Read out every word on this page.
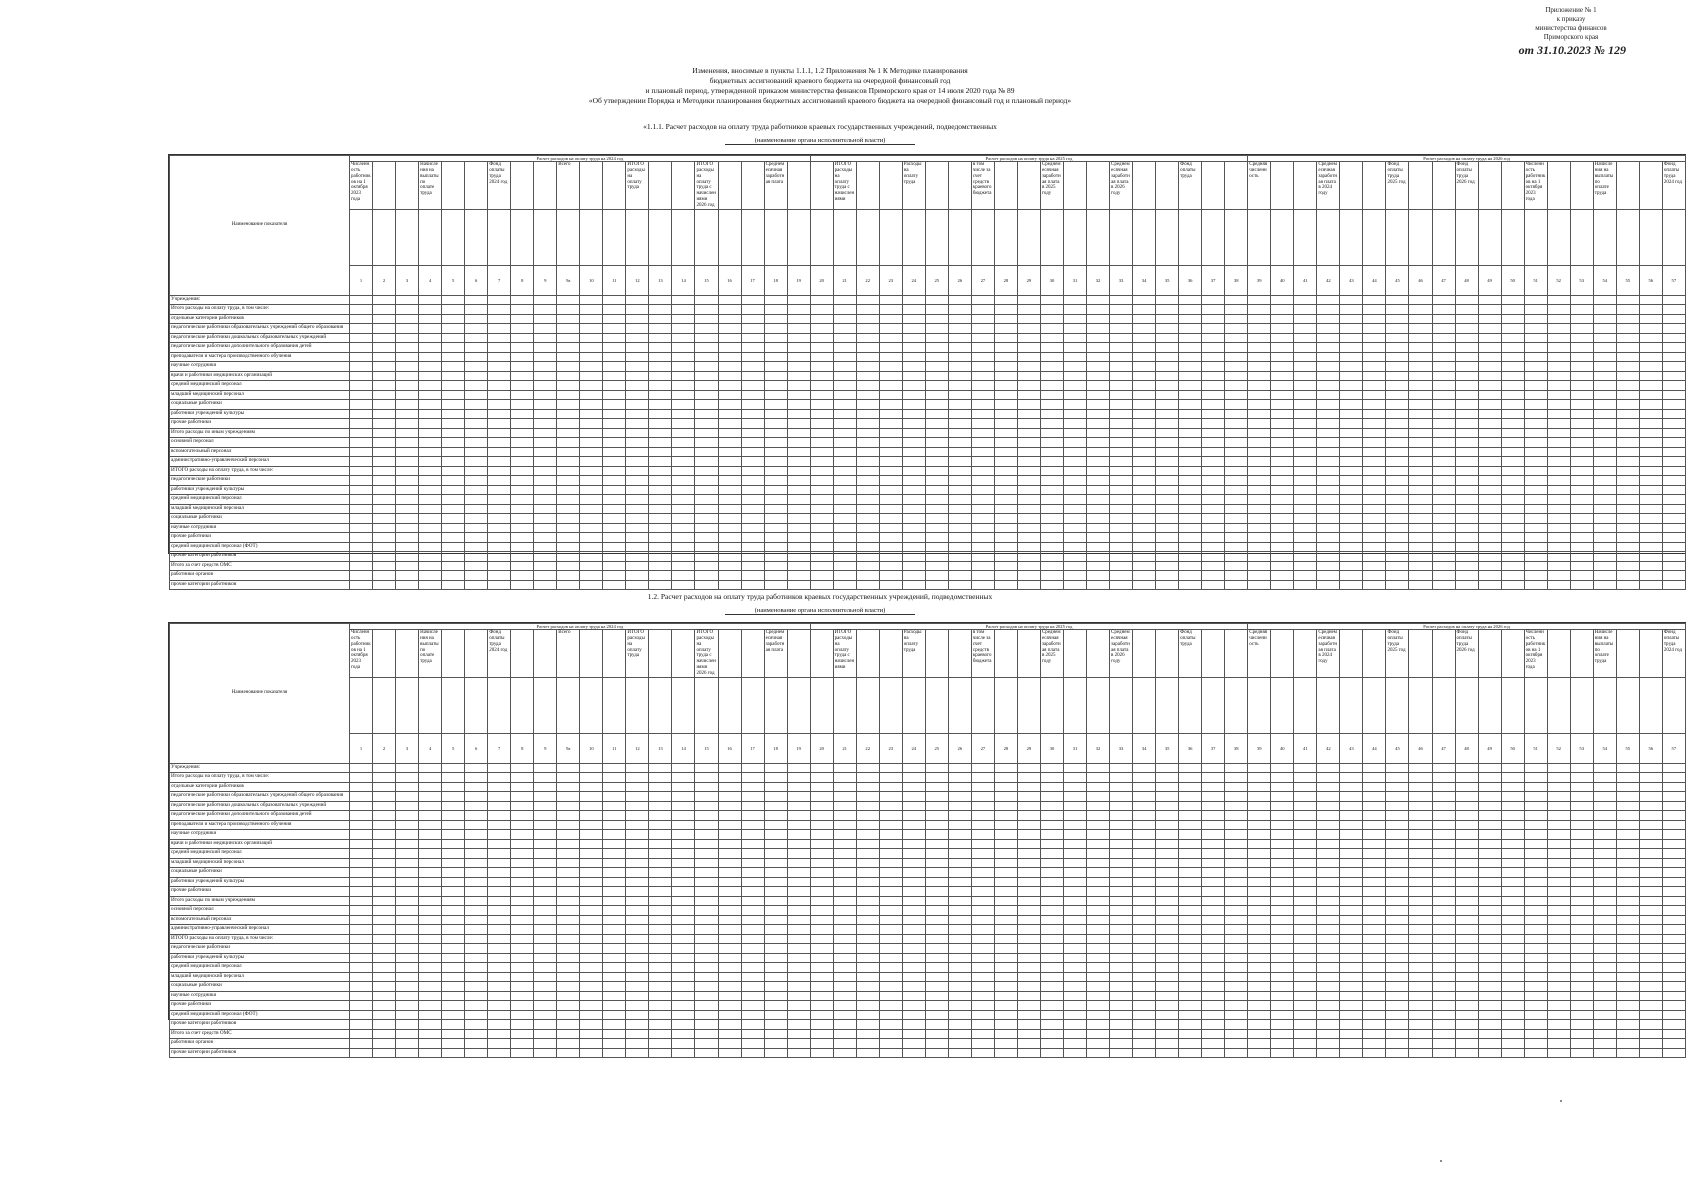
Приложение № 1
к приказу
министерства финансов
Приморского края
от 31.10.2023 № 129
Изменения, вносимые в пункты 1.1.1, 1.2 Приложения № 1 К Методике планирования
бюджетных ассигнований краевого бюджета на очередной финансовый год
и плановый период, утвержденной приказом министерства финансов Приморского края от 14 июля 2020 года № 89
«Об утверждении Порядка и Методики планирования бюджетных ассигнований краевого бюджета на очередной финансовый год и плановый период»
«1.1.1. Расчет расходов на оплату труда работников краевых государственных учреждений, подведомственных
(наименование органа исполнительной власти)
Наименование показателя	Расчет расходов на оплату труда на 2024 год																				Расчет расходов на оплату труда на 2025 год																			Расчет расходов на оплату труда на 2026 год																		
	Численность работников на 1 октября 2023 года			Начисления на выплаты по оплате труда			Фонд оплаты труда 2024 год			Всего			ИТОГО расходы на оплату труда			ИТОГО расходы на оплату труда с начислениями 2026 год			Среднемесячная заработная плата			ИТОГО расходы на оплату труда с начислениями			Расходы на оплату труда			в том числе за счет средств краевого бюджета			Среднемесячная заработная плата в 2025 году			Среднемесячная заработная плата в 2026 году			Фонд оплаты труда			Средняя численность			Среднемесячная заработная плата в 2024 году			Фонд оплаты труда 2025 год			Фонд оплаты труда 2026 год			Численность работников на 1 октября 2023 года			Начисления на выплаты по оплате труда			Фонд оплаты труда 2024 год

	1	2	3	4	5	6	7	8	9	9a	10	11	12	13	14	15	16	17	18	19	20	21	22	23	24	25	26	27	28	29	30	31	32	33	34	35	36	37	38	39	40	41	42	43	44	45	46	47	48	49	50	51	52	53	54	55	56	57
Учреждения:																																																										
Итого расходы на оплату труда, в том числе:																																																										
отдельные категории работников																																																										
педагогические работники образовательных учреждений общего образования																																																										
педагогические работники дошкольных образовательных учреждений																																																										
педагогические работники дополнительного образования детей																																																										
преподаватели и мастера производственного обучения																																																										
научные сотрудники																																																										
врачи и работники медицинских организаций																																																										
средний медицинский персонал																																																										
младший медицинский персонал																																																										
социальные работники																																																										
работники учреждений культуры																																																										
прочие работники																																																										
Итого расходы по иным учреждениям																																																										
основной персонал																																																										
вспомогательный персонал																																																										
административно-управленческий персонал																																																										
ИТОГО расходы на оплату труда, в том числе:																																																										
педагогические работники																																																										
работники учреждений культуры																																																										
средний медицинский персонал																																																										
младший медицинский персонал																																																										
социальные работники																																																										
научные сотрудники																																																										
прочие работники																																																										
средний медицинский персонал (ФОТ)																																																										
прочие категории работников																																																										
Итого за счет средств ОМС																																																										
работники органов																																																										
прочие категории работников																																																										
1.2. Расчет расходов на оплату труда работников краевых государственных учреждений, подведомственных
(наименование органа исполнительной власти)
Наименование показателя	Расчет расходов на оплату труда на 2024 год																				Расчет расходов на оплату труда на 2025 год																			Расчет расходов на оплату труда на 2026 год																		
	Численность работников на 1 октября 2023 года			Начисления на выплаты по оплате труда			Фонд оплаты труда 2024 год			Всего			ИТОГО расходы на оплату труда			ИТОГО расходы на оплату труда с начислениями 2026 год			Среднемесячная заработная плата			ИТОГО расходы на оплату труда с начислениями			Расходы на оплату труда			в том числе за счет средств краевого бюджета			Среднемесячная заработная плата в 2025 году			Среднемесячная заработная плата в 2026 году			Фонд оплаты труда			Средняя численность			Среднемесячная заработная плата в 2024 году			Фонд оплаты труда 2025 год			Фонд оплаты труда 2026 год			Численность работников на 1 октября 2023 года			Начисления на выплаты по оплате труда			Фонд оплаты труда 2024 год

	1	2	3	4	5	6	7	8	9	9a	10	11	12	13	14	15	16	17	18	19	20	21	22	23	24	25	26	27	28	29	30	31	32	33	34	35	36	37	38	39	40	41	42	43	44	45	46	47	48	49	50	51	52	53	54	55	56	57
Учреждения:																																																										
Итого расходы на оплату труда, в том числе:																																																										
отдельные категории работников																																																										
педагогические работники образовательных учреждений общего образования																																																										
педагогические работники дошкольных образовательных учреждений																																																										
педагогические работники дополнительного образования детей																																																										
преподаватели и мастера производственного обучения																																																										
научные сотрудники																																																										
врачи и работники медицинских организаций																																																										
средний медицинский персонал																																																										
младший медицинский персонал																																																										
социальные работники																																																										
работники учреждений культуры																																																										
прочие работники																																																										
Итого расходы по иным учреждениям																																																										
основной персонал																																																										
вспомогательный персонал																																																										
административно-управленческий персонал																																																										
ИТОГО расходы на оплату труда, в том числе:																																																										
педагогические работники																																																										
работники учреждений культуры																																																										
средний медицинский персонал																																																										
младший медицинский персонал																																																										
социальные работники																																																										
научные сотрудники																																																										
прочие работники																																																										
средний медицинский персонал (ФОТ)																																																										
прочие категории работников																																																										
Итого за счет средств ОМС																																																										
работники органов																																																										
прочие категории работников																																																										
